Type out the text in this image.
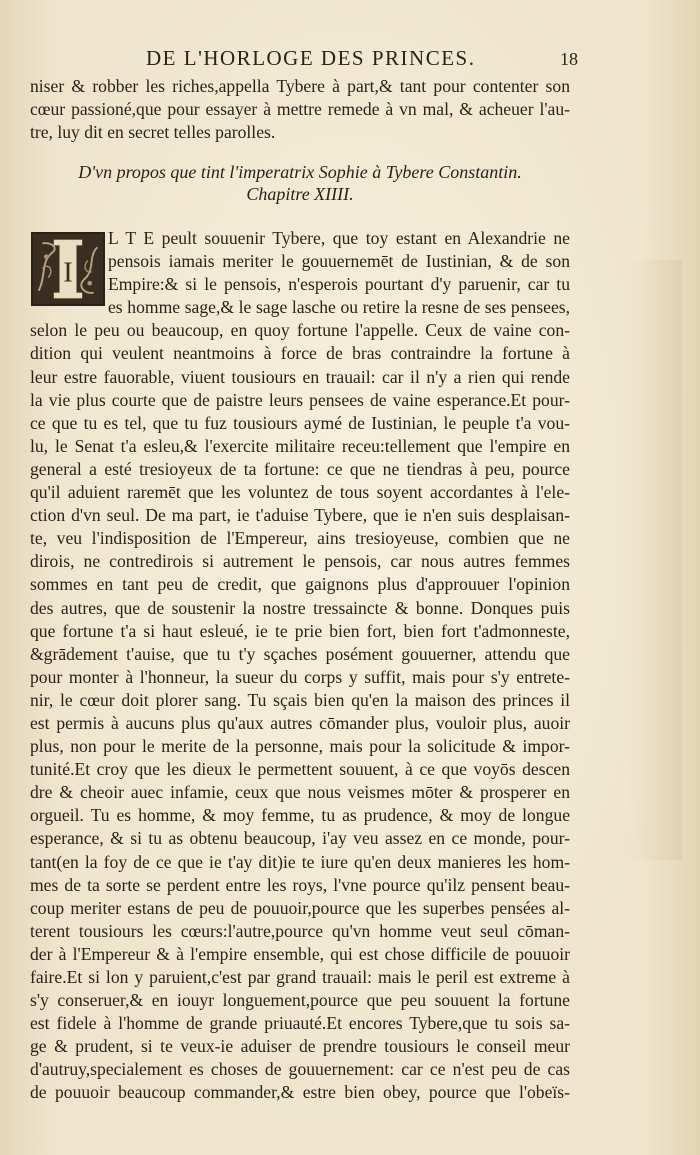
DE L'HORLOGE DES PRINCES.	18
niser & robber les riches,appella Tybere à part,& tant pour contenter son
cœur passioné,que pour essayer à mettre remede à vn mal, & acheuer l'au-
tre, luy dit en secret telles parolles.
D'vn propos que tint l'imperatrix Sophie à Tybere Constantin.
Chapitre XIIII.
I
L T E peult souuenir Tybere, que toy estant en Alexandrie ne
pensois iamais meriter le gouuernemēt de Iustinian, & de son
Empire:& si le pensois, n'esperois pourtant d'y paruenir, car tu
es homme sage,& le sage lasche ou retire la resne de ses pensees,
selon le peu ou beaucoup, en quoy fortune l'appelle. Ceux de vaine con-
dition qui veulent neantmoins à force de bras contraindre la fortune à
leur estre fauorable, viuent tousiours en trauail: car il n'y a rien qui rende
la vie plus courte que de paistre leurs pensees de vaine esperance.Et pour-
ce que tu es tel, que tu fuz tousiours aymé de Iustinian, le peuple t'a vou-
lu, le Senat t'a esleu,& l'exercite militaire receu:tellement que l'empire en
general a esté tresioyeux de ta fortune: ce que ne tiendras à peu, pource
qu'il aduient raremēt que les voluntez de tous soyent accordantes à l'ele-
ction d'vn seul. De ma part, ie t'aduise Tybere, que ie n'en suis desplaisan-
te, veu l'indisposition de l'Empereur, ains tresioyeuse, combien que ne
dirois, ne contredirois si autrement le pensois, car nous autres femmes
sommes en tant peu de credit, que gaignons plus d'approuuer l'opinion
des autres, que de soustenir la nostre tressaincte & bonne. Donques puis
que fortune t'a si haut esleué, ie te prie bien fort, bien fort t'admonneste,
&grādement t'auise, que tu t'y sçaches posément gouuerner, attendu que
pour monter à l'honneur, la sueur du corps y suffit, mais pour s'y entrete-
nir, le cœur doit plorer sang. Tu sçais bien qu'en la maison des princes il
est permis à aucuns plus qu'aux autres cōmander plus, vouloir plus, auoir
plus, non pour le merite de la personne, mais pour la solicitude & impor-
tunité.Et croy que les dieux le permettent souuent, à ce que voyōs descen
dre & cheoir auec infamie, ceux que nous veismes mōter & prosperer en
orgueil. Tu es homme, & moy femme, tu as prudence, & moy de longue
esperance, & si tu as obtenu beaucoup, i'ay veu assez en ce monde, pour-
tant(en la foy de ce que ie t'ay dit)ie te iure qu'en deux manieres les hom-
mes de ta sorte se perdent entre les roys, l'vne pource qu'ilz pensent beau-
coup meriter estans de peu de pouuoir,pource que les superbes pensées al-
terent tousiours les cœurs:l'autre,pource qu'vn homme veut seul cōman-
der à l'Empereur & à l'empire ensemble, qui est chose difficile de pouuoir
faire.Et si lon y paruient,c'est par grand trauail: mais le peril est extreme à
s'y conseruer,& en iouyr longuement,pource que peu souuent la fortune
est fidele à l'homme de grande priuauté.Et encores Tybere,que tu sois sa-
ge & prudent, si te veux-ie aduiser de prendre tousiours le conseil meur
d'autruy,specialement es choses de gouuernement: car ce n'est peu de cas
de pouuoir beaucoup commander,& estre bien obey, pource que l'obeïs-
